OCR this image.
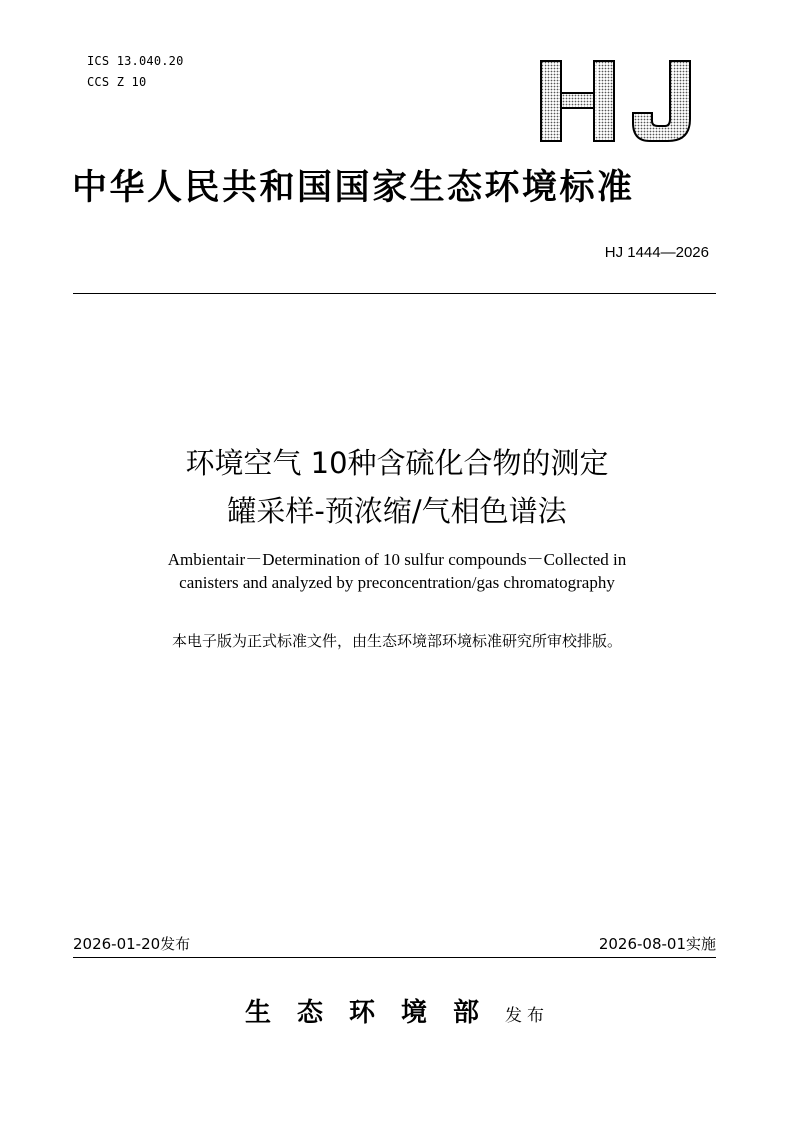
ICS 13.040.20
CCS Z 10
中华人民共和国国家生态环境标准
HJ 1444—2026
环境空气 10种含硫化合物的测定
罐采样-预浓缩/气相色谱法
Ambientair－Determination of 10 sulfur compounds－Collected in
canisters and analyzed by preconcentration/gas chromatography
本电子版为正式标准文件，由生态环境部环境标准研究所审校排版。
2026-01-20发布	2026-08-01实施
生态环境部发布
